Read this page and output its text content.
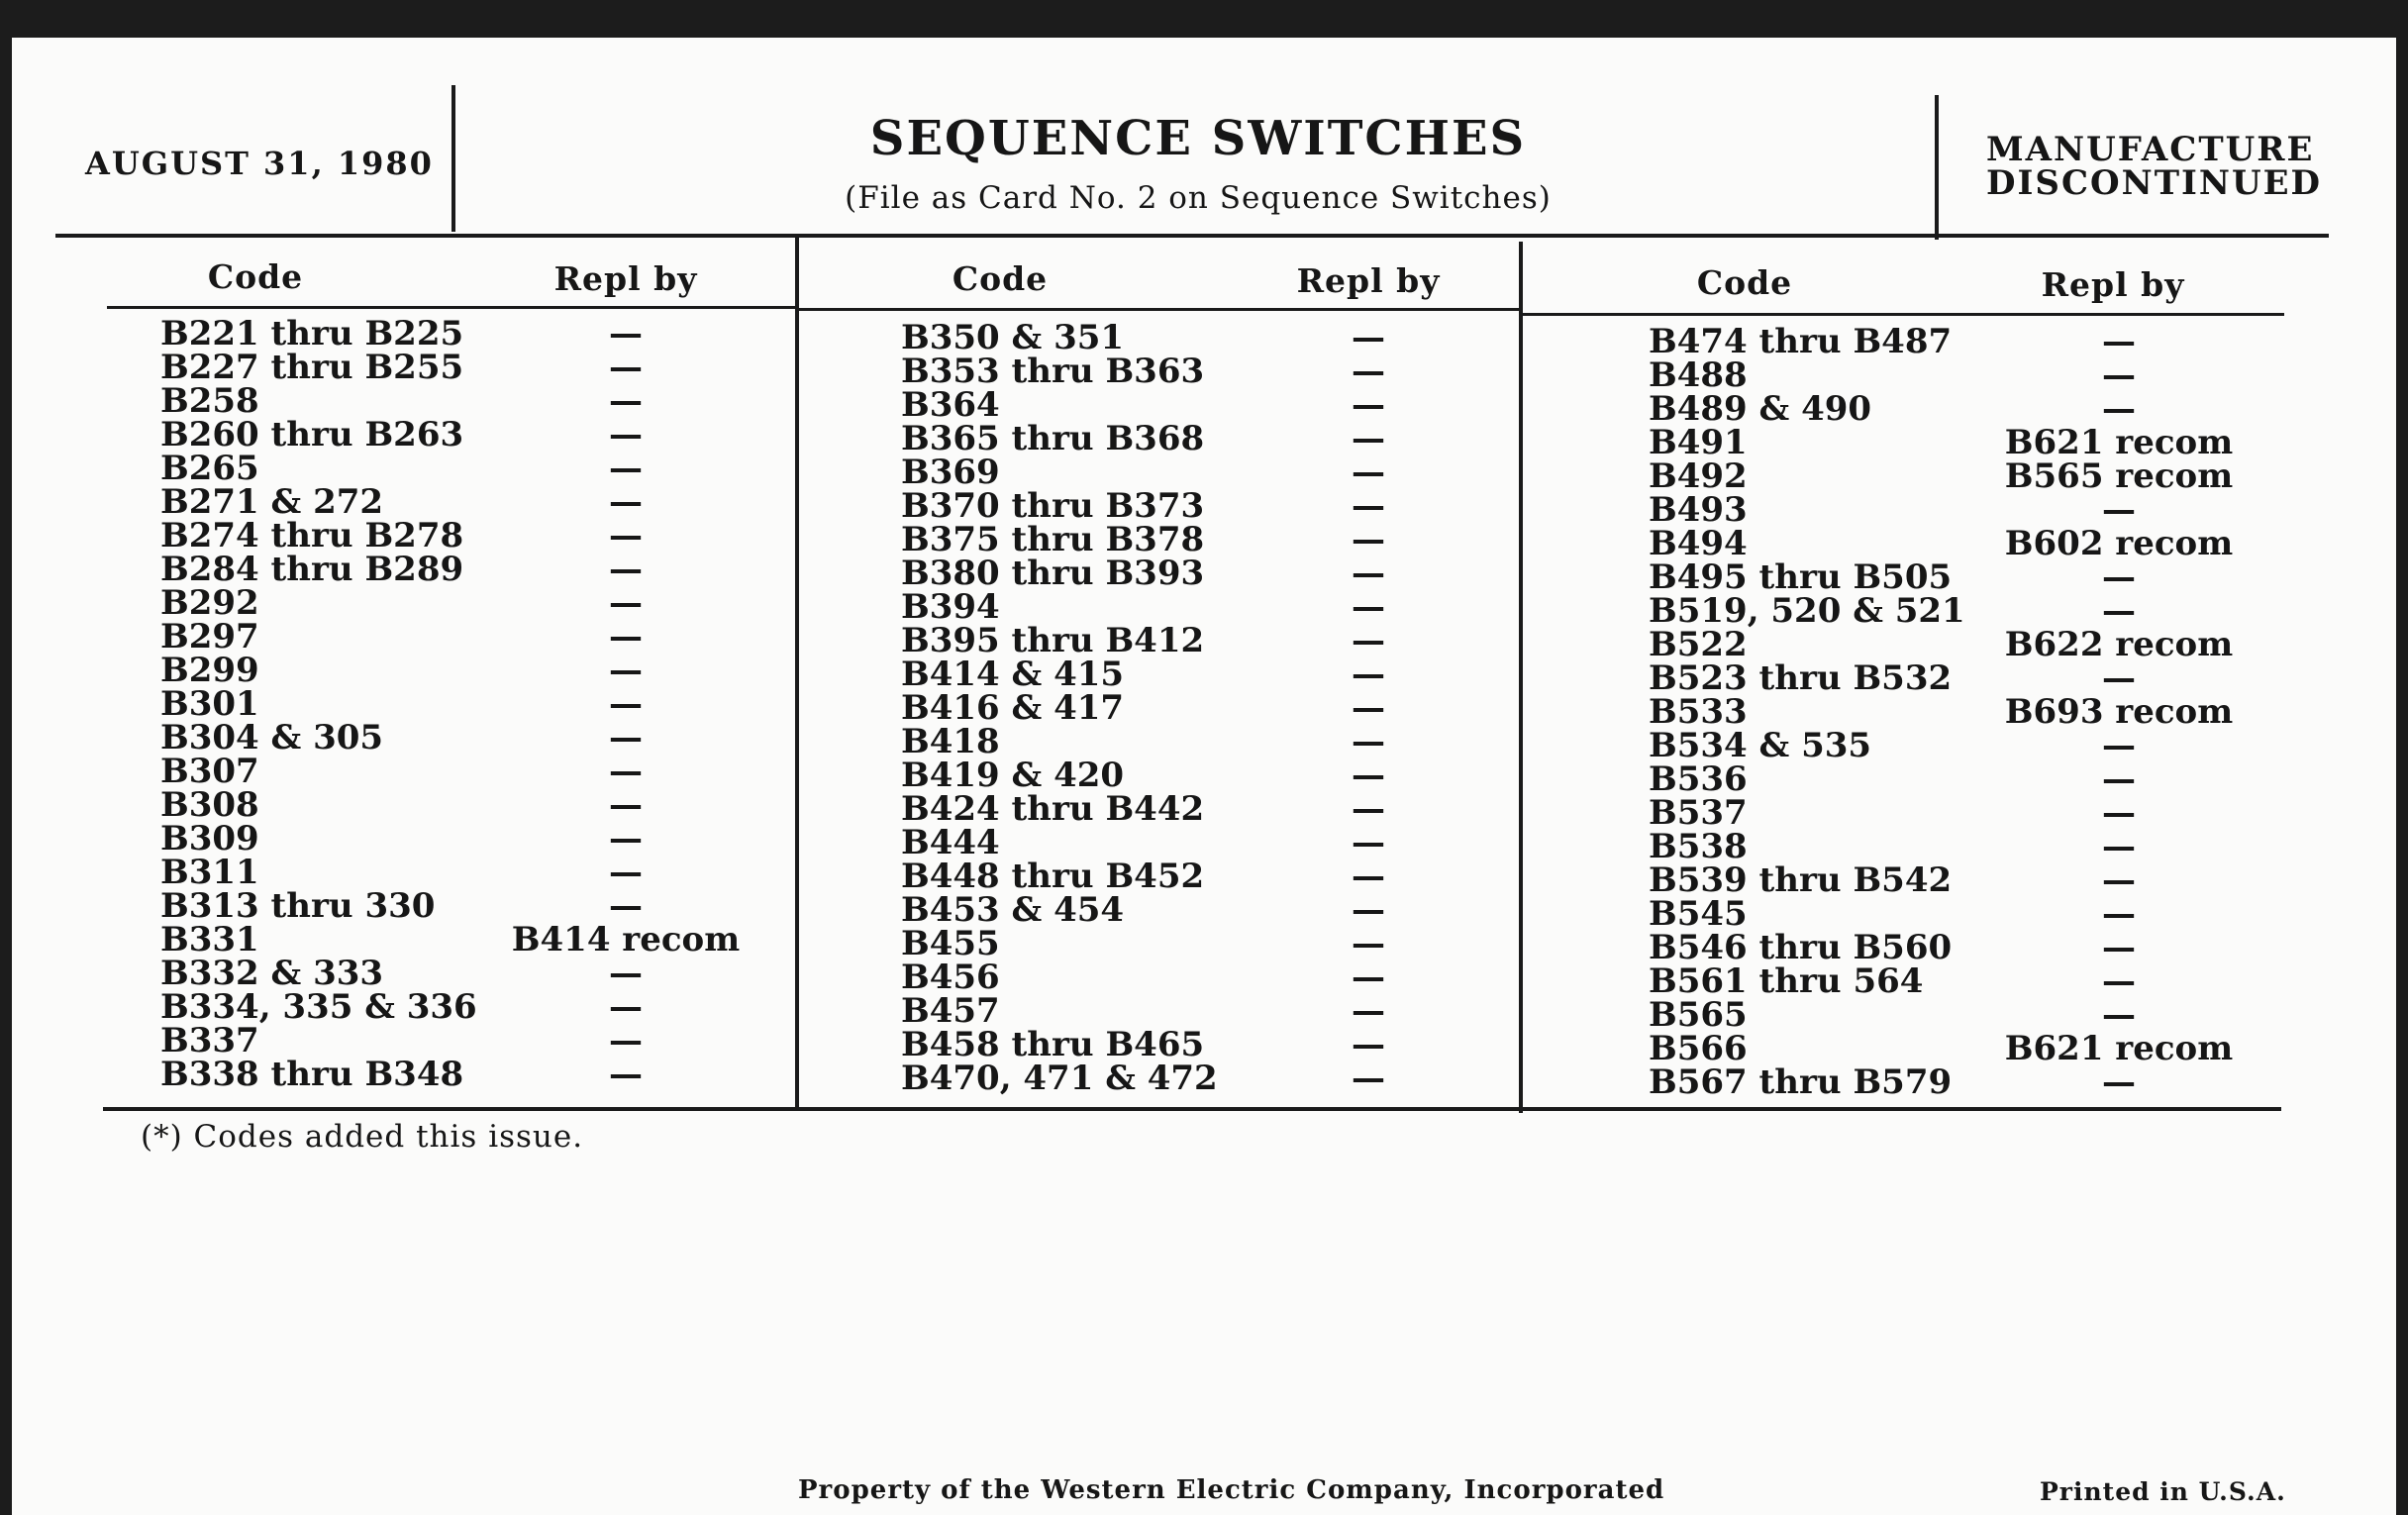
AUGUST 31, 1980	SEQUENCE SWITCHES
(File as Card No. 2 on Sequence Switches)
MANUFACTURE
DISCONTINUED
Code	Repl by	Code	Repl by	Code	Repl by
B221 thru B225	—
B227 thru B255	—
B258	—
B260 thru B263	—
B265	—
B271 & 272	—
B274 thru B278	—
B284 thru B289	—
B292	—
B297	—
B299	—
B301	—
B304 & 305	—
B307	—
B308	—
B309	—
B311	—
B313 thru 330	—
B331	B414 recom
B332 & 333	—
B334, 335 & 336	—
B337	—
B338 thru B348	—
B350 & 351	—
B353 thru B363	—
B364	—
B365 thru B368	—
B369	—
B370 thru B373	—
B375 thru B378	—
B380 thru B393	—
B394	—
B395 thru B412	—
B414 & 415	—
B416 & 417	—
B418	—
B419 & 420	—
B424 thru B442	—
B444	—
B448 thru B452	—
B453 & 454	—
B455	—
B456	—
B457	—
B458 thru B465	—
B470, 471 & 472	—
B474 thru B487	—
B488	—
B489 & 490	—
B491	B621 recom
B492	B565 recom
B493	—
B494	B602 recom
B495 thru B505	—
B519, 520 & 521	—
B522	B622 recom
B523 thru B532	—
B533	B693 recom
B534 & 535	—
B536	—
B537	—
B538	—
B539 thru B542	—
B545	—
B546 thru B560	—
B561 thru 564	—
B565	—
B566	B621 recom
B567 thru B579	—
(*) Codes added this issue.
Property of the Western Electric Company, Incorporated	Printed in U.S.A.
